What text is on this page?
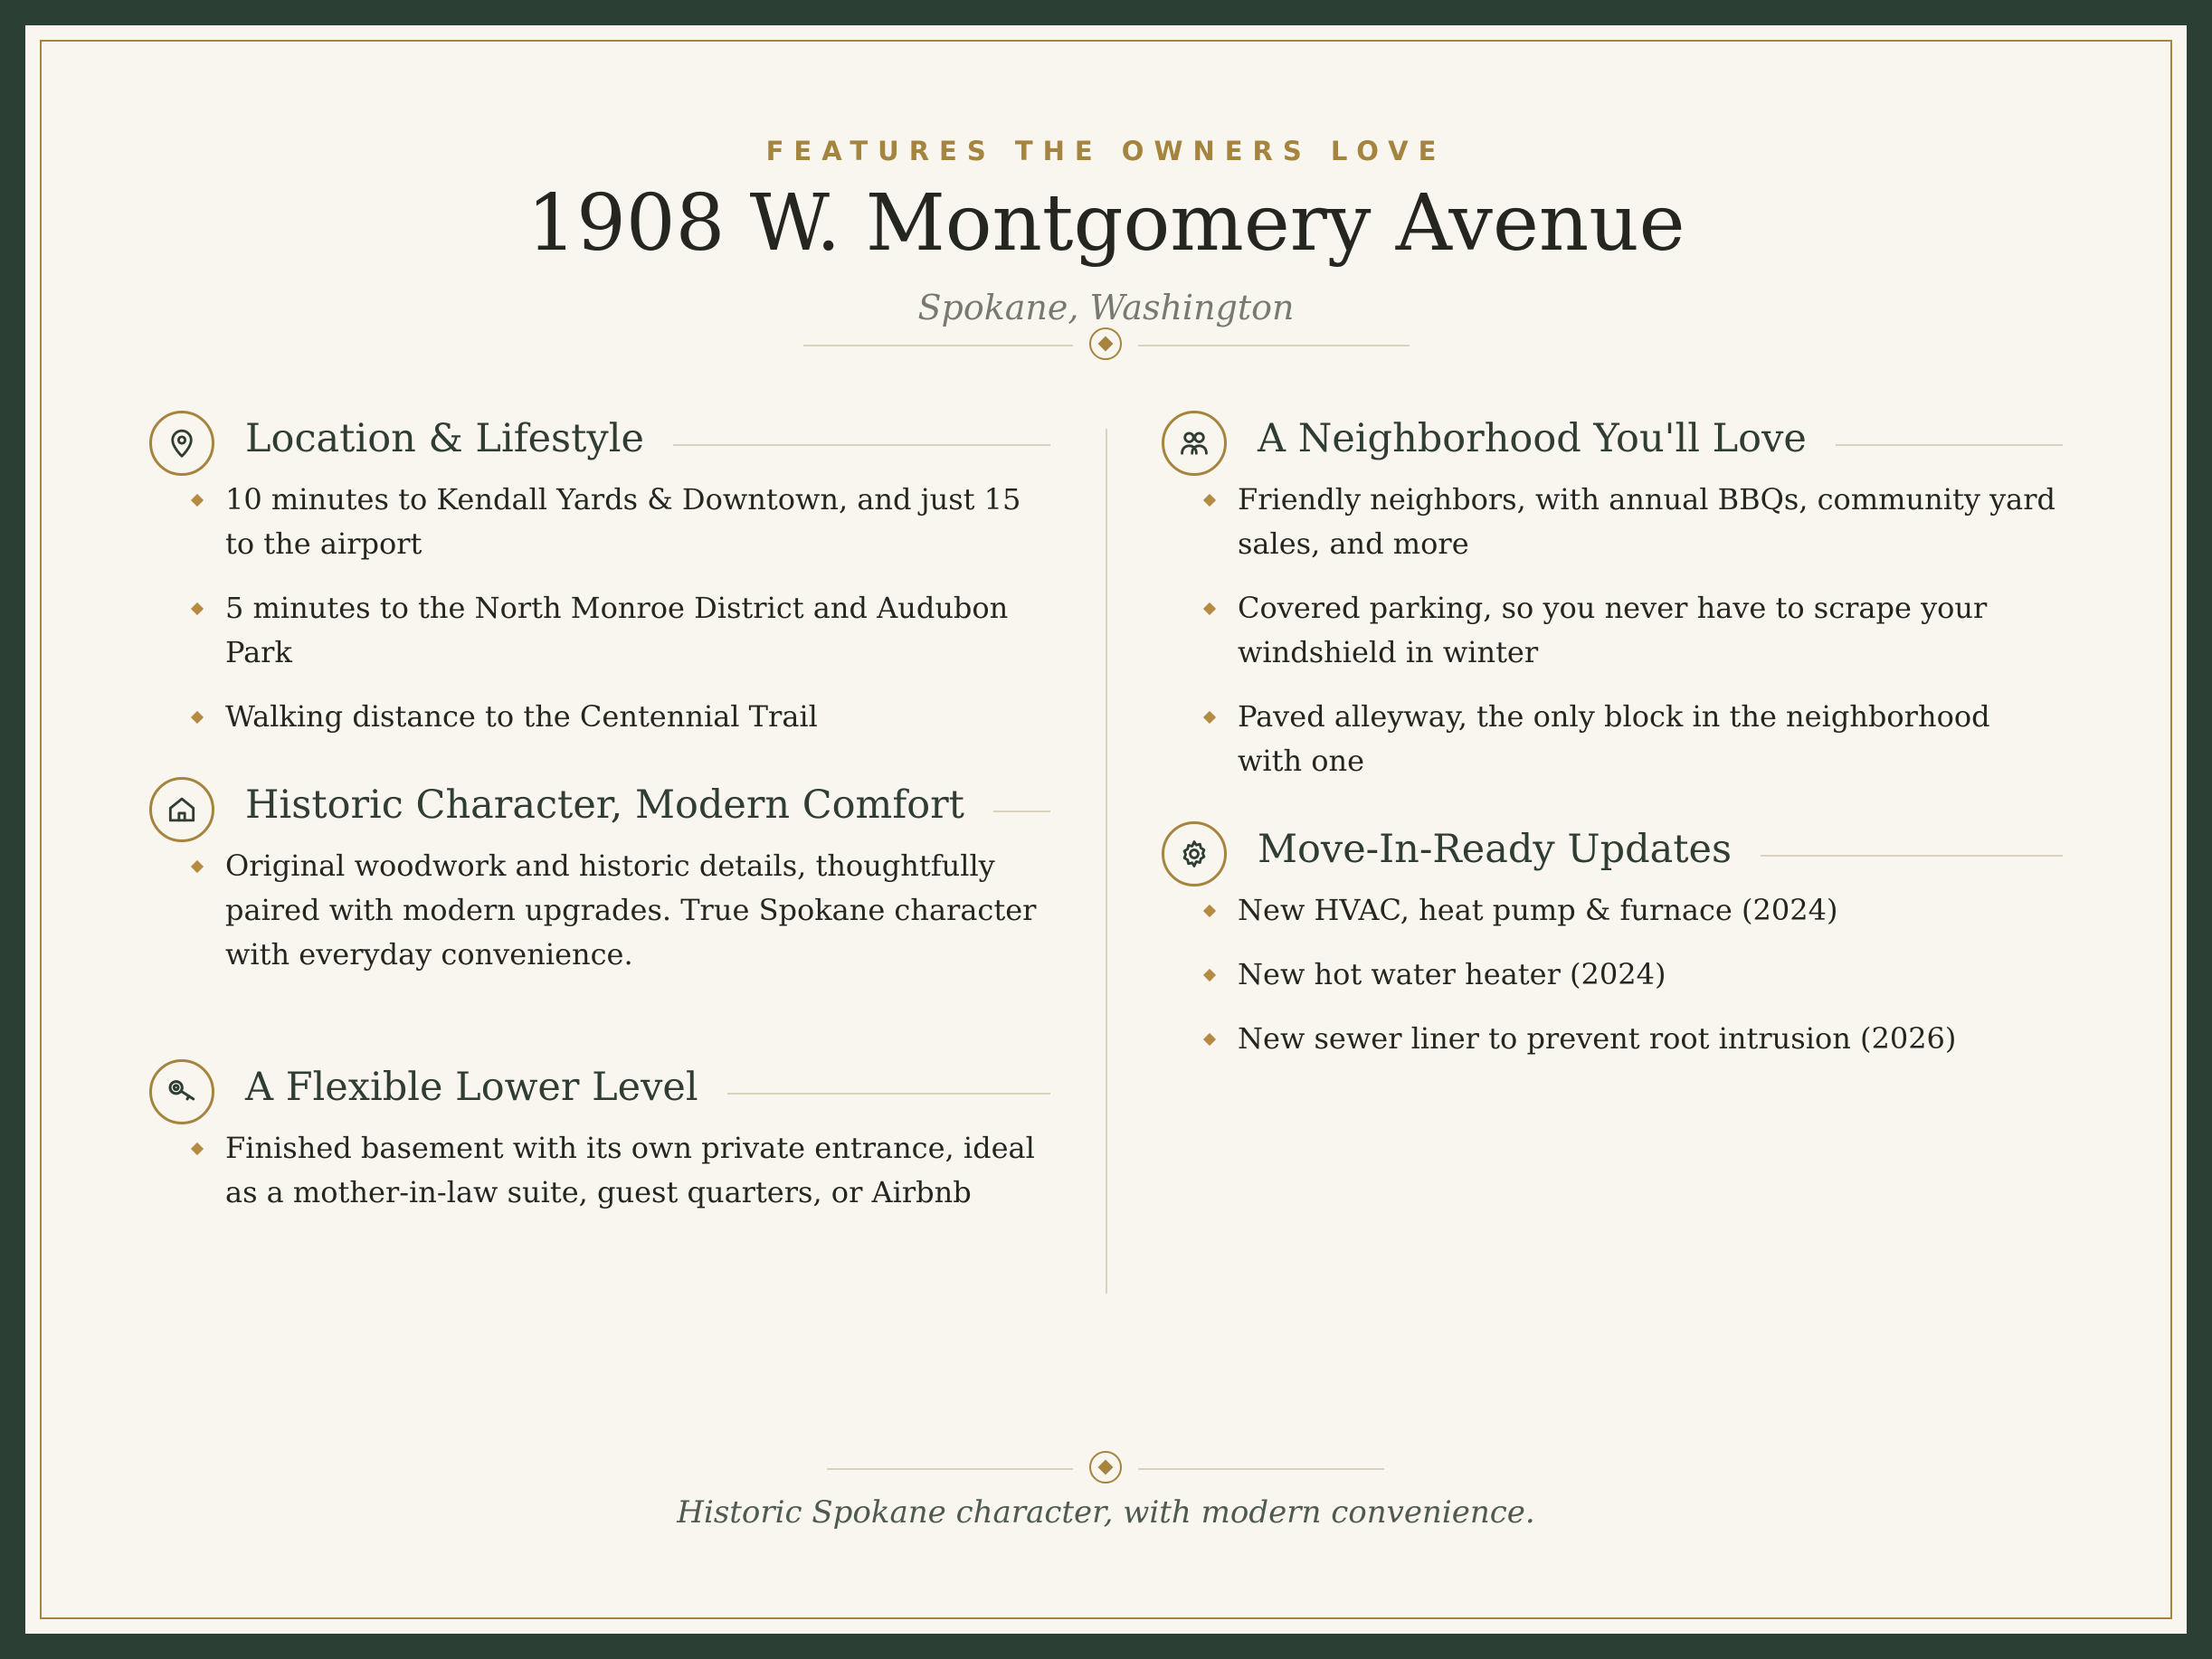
FEATURES THE OWNERS LOVE
1908 W. Montgomery Avenue
Spokane, Washington
Location & Lifestyle
10 minutes to Kendall Yards & Downtown, and just 15 to the airport
5 minutes to the North Monroe District and Audubon Park
Walking distance to the Centennial Trail
Historic Character, Modern Comfort
Original woodwork and historic details, thoughtfully paired with modern upgrades. True Spokane character with everyday convenience.
A Flexible Lower Level
Finished basement with its own private entrance, ideal as a mother-in-law suite, guest quarters, or Airbnb
A Neighborhood You'll Love
Friendly neighbors, with annual BBQs, community yard sales, and more
Covered parking, so you never have to scrape your windshield in winter
Paved alleyway, the only block in the neighborhood with one
Move-In-Ready Updates
New HVAC, heat pump & furnace (2024)
New hot water heater (2024)
New sewer liner to prevent root intrusion (2026)
Historic Spokane character, with modern convenience.
